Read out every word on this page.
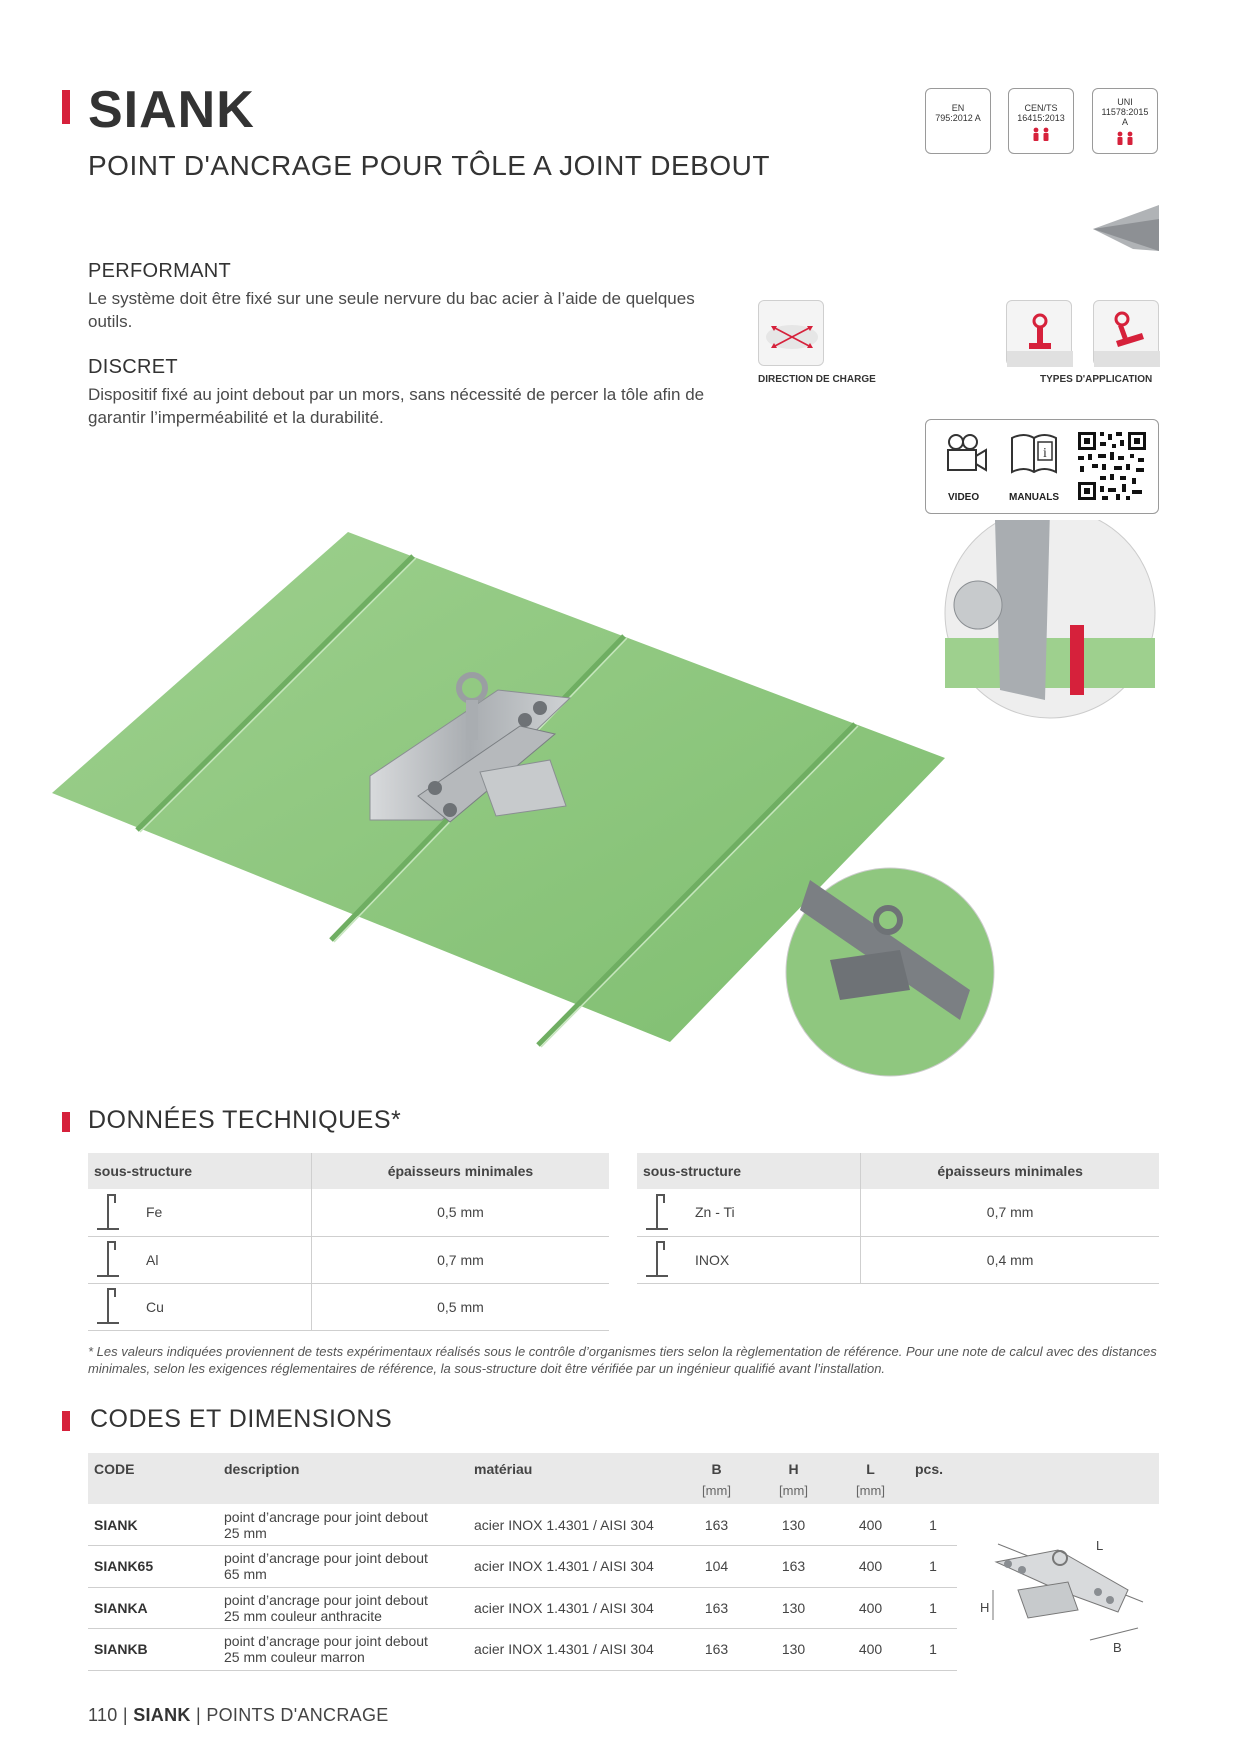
SIANK
POINT D'ANCRAGE POUR TÔLE A JOINT DEBOUT
EN
795:2012 A
CEN/TS
16415:2013
UNI
11578:2015
A
PERFORMANT
Le système doit être fixé sur une seule nervure du bac acier à l’aide de quelques outils.
DISCRET
Dispositif fixé au joint debout par un mors, sans nécessité de percer la tôle afin de garantir l’imperméabilité et la durabilité.
DIRECTION DE CHARGE	TYPES D'APPLICATION
VIDEO
i
MANUALS
DONNÉES TECHNIQUES*
sous-structure		épaisseurs minimales
	Fe	0,5 mm
	Al	0,7 mm
	Cu	0,5 mm
sous-structure		épaisseurs minimales
	Zn - Ti	0,7 mm
	INOX	0,4 mm
* Les valeurs indiquées proviennent de tests expérimentaux réalisés sous le contrôle d’organismes tiers selon la règlementation de référence. Pour une note de calcul avec des distances minimales, selon les exigences réglementaires de référence, la sous-structure doit être vérifiée par un ingénieur qualifié avant l’installation.
CODES ET DIMENSIONS
CODE	description	matériau	B	H	L	pcs.
			[mm]	[mm]	[mm]	
SIANK	point d’ancrage pour joint debout
25 mm	acier INOX 1.4301 / AISI 304	163	130	400	1
SIANK65	point d’ancrage pour joint debout
65 mm	acier INOX 1.4301 / AISI 304	104	163	400	1
SIANKA	point d’ancrage pour joint debout
25 mm couleur anthracite	acier INOX 1.4301 / AISI 304	163	130	400	1
SIANKB	point d’ancrage pour joint debout
25 mm couleur marron	acier INOX 1.4301 / AISI 304	163	130	400	1
L
H
B
110 | SIANK | POINTS D'ANCRAGE
